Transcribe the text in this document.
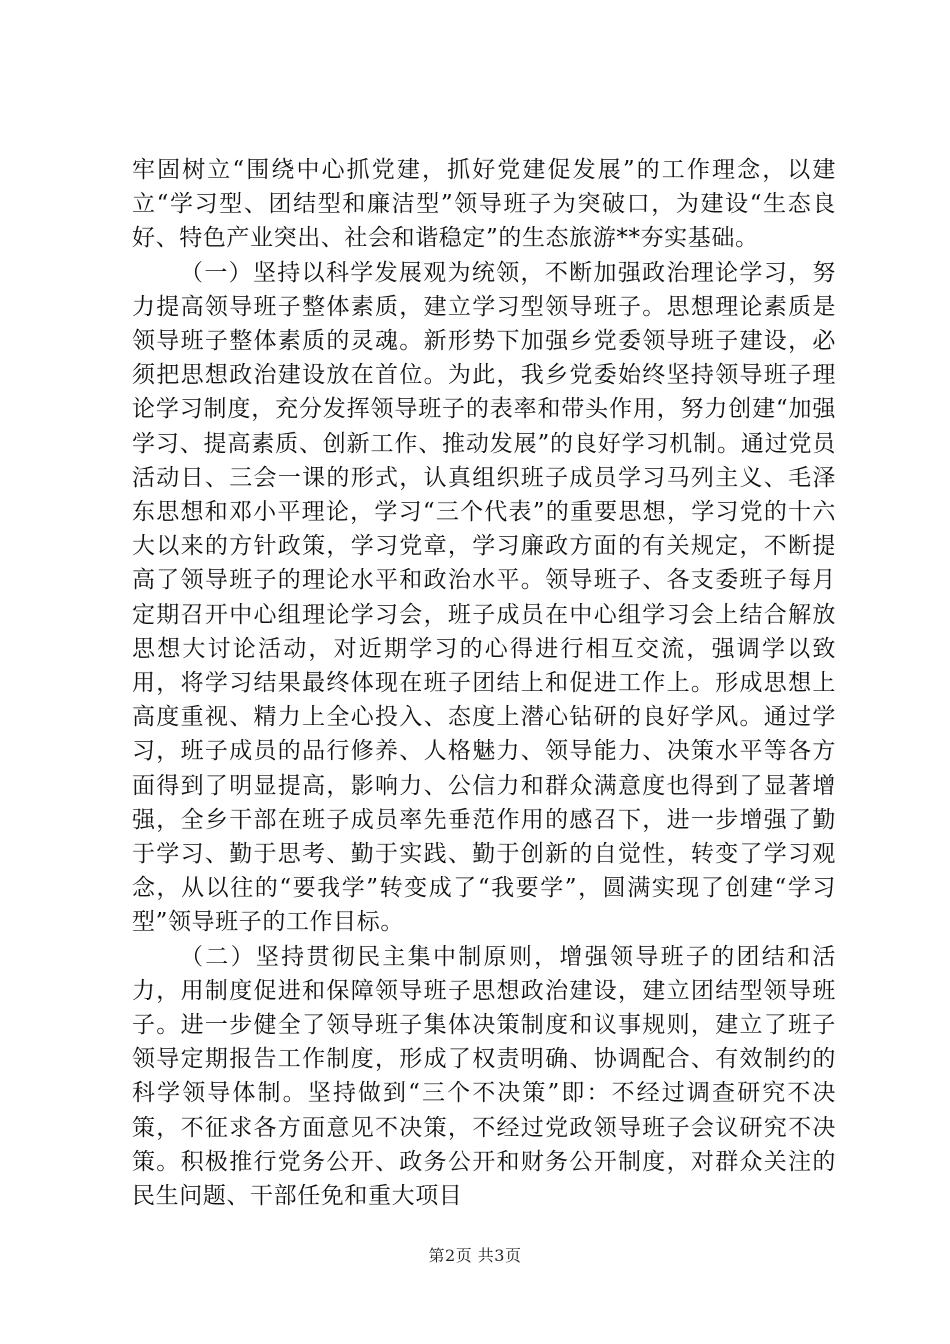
牢固树立“围绕中心抓党建，抓好党建促发展”的工作理念，以建立“学习型、团结型和廉洁型”领导班子为突破口，为建设“生态良好、特色产业突出、社会和谐稳定”的生态旅游**夯实基础。

（一）坚持以科学发展观为统领，不断加强政治理论学习，努力提高领导班子整体素质，建立学习型领导班子。思想理论素质是领导班子整体素质的灵魂。新形势下加强乡党委领导班子建设，必须把思想政治建设放在首位。为此，我乡党委始终坚持领导班子理论学习制度，充分发挥领导班子的表率和带头作用，努力创建“加强学习、提高素质、创新工作、推动发展”的良好学习机制。通过党员活动日、三会一课的形式，认真组织班子成员学习马列主义、毛泽东思想和邓小平理论，学习“三个代表”的重要思想，学习党的十六大以来的方针政策，学习党章，学习廉政方面的有关规定，不断提高了领导班子的理论水平和政治水平。领导班子、各支委班子每月定期召开中心组理论学习会，班子成员在中心组学习会上结合解放思想大讨论活动，对近期学习的心得进行相互交流，强调学以致用，将学习结果最终体现在班子团结上和促进工作上。形成思想上高度重视、精力上全心投入、态度上潜心钻研的良好学风。通过学习，班子成员的品行修养、人格魅力、领导能力、决策水平等各方面得到了明显提高，影响力、公信力和群众满意度也得到了显著增强，全乡干部在班子成员率先垂范作用的感召下，进一步增强了勤于学习、勤于思考、勤于实践、勤于创新的自觉性，转变了学习观念，从以往的“要我学”转变成了“我要学”，圆满实现了创建“学习型”领导班子的工作目标。

（二）坚持贯彻民主集中制原则，增强领导班子的团结和活力，用制度促进和保障领导班子思想政治建设，建立团结型领导班子。进一步健全了领导班子集体决策制度和议事规则，建立了班子领导定期报告工作制度，形成了权责明确、协调配合、有效制约的科学领导体制。坚持做到“三个不决策”即：不经过调查研究不决策，不征求各方面意见不决策，不经过党政领导班子会议研究不决策。积极推行党务公开、政务公开和财务公开制度，对群众关注的民生问题、干部任免和重大项目

第2页 共3页
